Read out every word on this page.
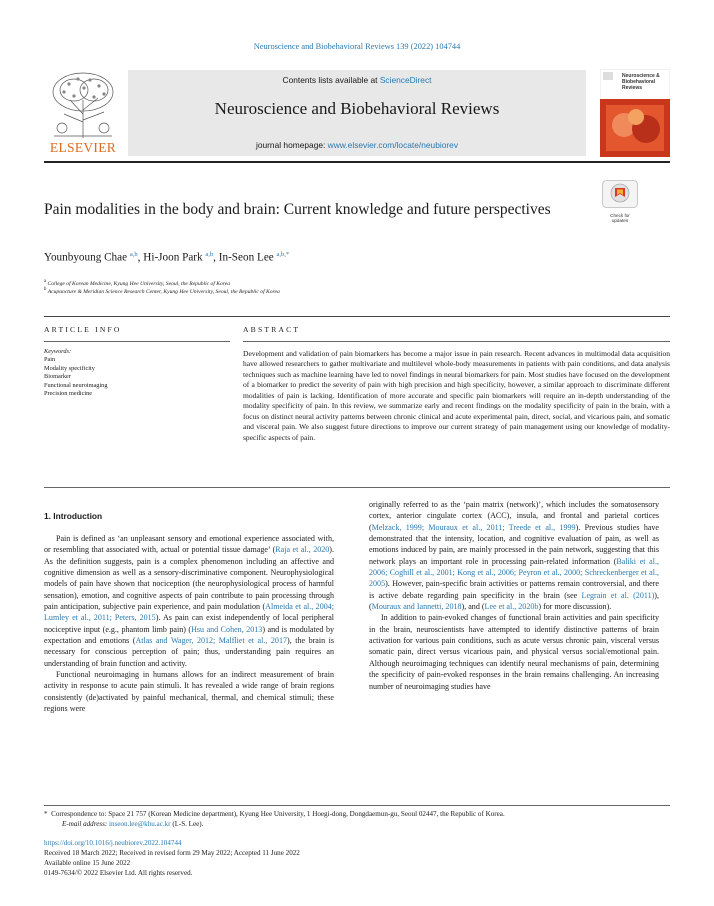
Neuroscience and Biobehavioral Reviews 139 (2022) 104744
ELSEVIER
Contents lists available at ScienceDirect
Neuroscience and Biobehavioral Reviews
journal homepage: www.elsevier.com/locate/neubiorev
Neuroscience & Biobehavioral Reviews
Check for updates
Pain modalities in the body and brain: Current knowledge and future perspectives
Younbyoung Chae $^{a,b}$, Hi-Joon Park $^{a,b}$, In-Seon Lee $^{a,b,*}$
$^a$ College of Korean Medicine, Kyung Hee University, Seoul, the Republic of Korea
$^b$ Acupuncture & Meridian Science Research Center, Kyung Hee University, Seoul, the Republic of Korea
ARTICLE INFO
Keywords:
Pain
Modality specificity
Biomarker
Functional neuroimaging
Precision medicine
ABSTRACT
Development and validation of pain biomarkers has become a major issue in pain research. Recent advances in multimodal data acquisition have allowed researchers to gather multivariate and multilevel whole-body measurements in patients with pain conditions, and data analysis techniques such as machine learning have led to novel findings in neural biomarkers for pain. Most studies have focused on the development of a biomarker to predict the severity of pain with high precision and high specificity, however, a similar approach to discriminate different modalities of pain is lacking. Identification of more accurate and specific pain biomarkers will require an in-depth understanding of the modality specificity of pain. In this review, we summarize early and recent findings on the modality specificity of pain in the brain, with a focus on distinct neural activity patterns between chronic clinical and acute experimental pain, direct, social, and vicarious pain, and somatic and visceral pain. We also suggest future directions to improve our current strategy of pain management using our knowledge of modality-specific aspects of pain.
1. Introduction

Pain is defined as ‘an unpleasant sensory and emotional experience associated with, or resembling that associated with, actual or potential tissue damage’ (Raja et al., 2020). As the definition suggests, pain is a complex phenomenon including an affective and cognitive dimension as well as a sensory-discriminative component. Neurophysiological models of pain have shown that nociception (the neurophysiological process of harmful sensation), emotion, and cognitive aspects of pain contribute to pain processing through pain anticipation, subjective pain experience, and pain modulation (Almeida et al., 2004; Lumley et al., 2011; Peters, 2015). As pain can exist independently of local peripheral nociceptive input (e.g., phantom limb pain) (Hsu and Cohen, 2013) and is modulated by expectation and emotions (Atlas and Wager, 2012; Malfliet et al., 2017), the brain is necessary for conscious perception of pain; thus, understanding pain requires an understanding of brain function and activity.

Functional neuroimaging in humans allows for an indirect measurement of brain activity in response to acute pain stimuli. It has revealed a wide range of brain regions consistently (de)activated by painful mechanical, thermal, and chemical stimuli; these regions were

originally referred to as the ‘pain matrix (network)’, which includes the somatosensory cortex, anterior cingulate cortex (ACC), insula, and frontal and parietal cortices (Melzack, 1999; Mouraux et al., 2011; Treede et al., 1999). Previous studies have demonstrated that the intensity, location, and cognitive evaluation of pain, as well as emotions induced by pain, are mainly processed in the pain network, suggesting that this network plays an important role in processing pain-related information (Baliki et al., 2006; Coghill et al., 2001; Kong et al., 2006; Peyron et al., 2000; Schreckenberger et al., 2005). However, pain-specific brain activities or patterns remain controversial, and there is active debate regarding pain specificity in the brain (see Legrain et al. (2011)), (Mouraux and Iannetti, 2018), and (Lee et al., 2020b) for more discussion).

In addition to pain-evoked changes of functional brain activities and pain specificity in the brain, neuroscientists have attempted to identify distinctive patterns of brain activation for various pain conditions, such as acute versus chronic pain, visceral versus somatic pain, direct versus vicarious pain, and physical versus social/emotional pain. Although neuroimaging techniques can identify neural mechanisms of pain, determining the specificity of pain-evoked responses in the brain remains challenging. An increasing number of neuroimaging studies have

* Correspondence to: Space 21 757 (Korean Medicine department), Kyung Hee University, 1 Hoegi-dong, Dongdaemun-gu, Seoul 02447, the Republic of Korea.
E-mail address: inseon.lee@khu.ac.kr (I.-S. Lee).
https://doi.org/10.1016/j.neubiorev.2022.104744
Received 18 March 2022; Received in revised form 29 May 2022; Accepted 11 June 2022
Available online 15 June 2022
0149-7634/© 2022 Elsevier Ltd. All rights reserved.
